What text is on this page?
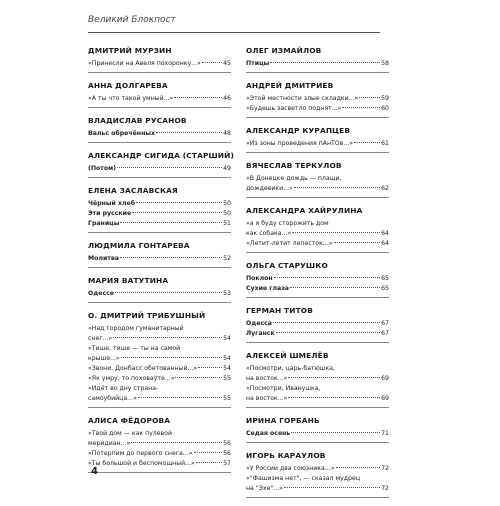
Великий Блокпост
ДМИТРИЙ МУРЗИН
«Принесли на Авеля похоронку...»	45
АННА ДОЛГАРЕВА
«А ты что такой умный...»	46
ВЛАДИСЛАВ РУСАНОВ
Вальс обречённых	48
АЛЕКСАНДР СИГИДА (СТАРШИЙ)
(Потом)	49
ЕЛЕНА ЗАСЛАВСКАЯ
Чёрный хлеб	50
Эти русские	50
Границы	51
ЛЮДМИЛА ГОНТАРЕВА
Молитва	52
МАРИЯ ВАТУТИНА
Одессе	53
О. ДМИТРИЙ ТРИБУШНЫЙ
«Над городом гуманитарный
снег...»	54
«Тише, тише — ты на самой
крыше...»	54
«Звони, Донбасс обетованный...»	54
«Як умру, то поховаўте...»	55
«Идёт во дну страна-
самоубийца...»	55
АЛИСА ФЁДОРОВА
«Твой дом — как пулевой
меридиан...»	56
«Потерпим до первого снега...»	56
«Ты большой и беспомощный...»	57
ОЛЕГ ИЗМАЙЛОВ
Птицы	58
АНДРЕЙ ДМИТРИЕВ
«Этой местности злые складки...»	59
«Будешь засветло поднят...»	60
АЛЕКСАНДР КУРАПЦЕВ
«Из зоны проведения пАнТОв...»	61
ВЯЧЕСЛАВ ТЕРКУЛОВ
«В Донецке дождь — плащи,
дождевики...»	62
АЛЕКСАНДРА ХАЙРУЛИНА
«а я буду сторожить дом
как собака...»	64
«Летит-летит лепесток...»	64
ОЛЬГА СТАРУШКО
Поклон	65
Сухие глаза	65
ГЕРМАН ТИТОВ
Одесса	67
Луганск	67
АЛЕКСЕЙ ШМЕЛЁВ
«Посмотри, царь-батюшка,
на восток...»	69
«Посмотри, Иванушка,
на восток...»	69
ИРИНА ГОРБАНЬ
Седая осень	71
ИГОРЬ КАРАУЛОВ
«У России два союзника...»	72
«"Фашизма нет", — сказал мудрец
на "Эхе"...»	72
4
